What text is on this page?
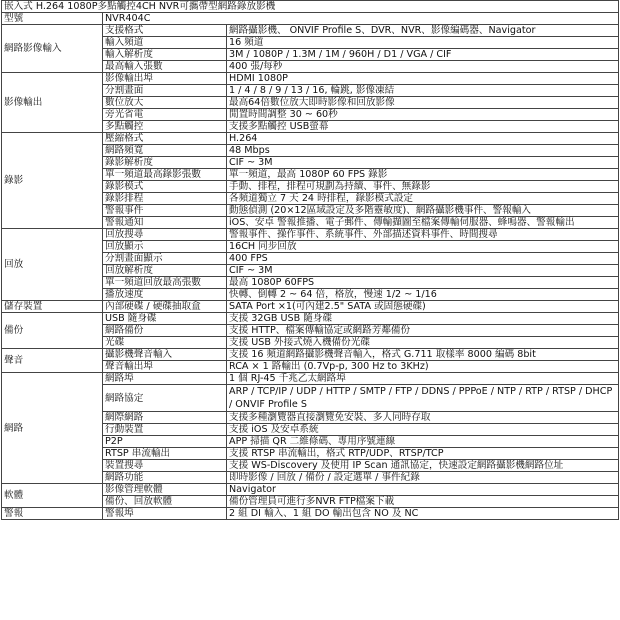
嵌入式 H.264 1080P多點觸控4CH NVR可攜帶型網路錄放影機		
型號	NVR404C	
網路影像輸入	支援格式	網路攝影機、 ONVIF Profile S、DVR、NVR、影像編碼器、Navigator
	輸入頻道	16 頻道
	輸入解析度	3M / 1080P / 1.3M / 1M / 960H / D1 / VGA / CIF
	最高輸入張數	400 張/每秒
影像輸出	影像輸出埠	HDMI 1080P
	分割畫面	1 / 4 / 8 / 9 / 13 / 16, 輪跳, 影像凍結
	數位放大	最高64倍數位放大即時影像和回放影像
	旁光省電	閒置時間調整 30 ~ 60秒
	多點觸控	支援多點觸控 USB螢幕
錄影	壓縮格式	H.264
	網路頻寬	48 Mbps
	錄影解析度	CIF ~ 3M
	單一頻道最高錄影張數	單一頻道，最高 1080P 60 FPS 錄影
	錄影模式	手動、排程，排程可規劃為持續、事件、無錄影
	錄影排程	各頻道獨立 7 天 24 時排程，錄影模式設定
	警報事件	動態偵測 (20×12區域設定及多階靈敏度)、網路攝影機事件、警報輸入
	警報通知	iOS、安卓 警報推播、電子郵件、傳輸擷圖至檔案傳輸伺服器、蜂鳴器、警報輸出
回放	回放搜尋	警報事件、操作事件、系統事件、外部描述資料事件、時間搜尋
	回放顯示	16CH 同步回放
	分割畫面顯示	400 FPS
	回放解析度	CIF ~ 3M
	單一頻道回放最高張數	最高 1080P 60FPS
	播放速度	快轉、倒轉 2 ~ 64 倍，格放，慢速 1/2 ~ 1/16
儲存裝置	內部硬碟 / 硬碟抽取盒	SATA Port ×1(可內建2.5" SATA 或固態硬碟)
備份	USB 隨身碟	支援 32GB USB 隨身碟
	網路備份	支援 HTTP、檔案傳輸協定或網路芳鄰備份
	光碟	支援 USB 外接式燒入機備份光碟
聲音	攝影機聲音輸入	支援 16 頻道網路攝影機聲音輸入，格式 G.711 取樣率 8000 編碼 8bit
	聲音輸出埠	RCA × 1 路輸出 (0.7Vp-p, 300 Hz to 3KHz)
網路	網路埠	1 個 RJ-45 千兆乙太網路埠
	網路協定	ARP / TCP/IP / UDP / HTTP / SMTP / FTP / DDNS / PPPoE / NTP / RTP / RTSP / DHCP / ONVIF Profile S
	網際網路	支援多種瀏覽器直接瀏覽免安裝、多人同時存取
	行動裝置	支援 iOS 及安卓系統
	P2P	APP 掃描 QR 二維條碼、專用序號連線
	RTSP 串流輸出	支援 RTSP 串流輸出，格式 RTP/UDP、RTSP/TCP
	裝置搜尋	支援 WS-Discovery 及使用 IP Scan 通訊協定，快速設定網路攝影機網路位址
	網路功能	即時影像 / 回放 / 備份 / 設定選單 / 事件紀錄
軟體	影像管理軟體	Navigator
	備份、回放軟體	備份管理員可進行多NVR FTP檔案下載
警報	警報埠	2 組 DI 輸入、1 組 DO 輸出包含 NO 及 NC
